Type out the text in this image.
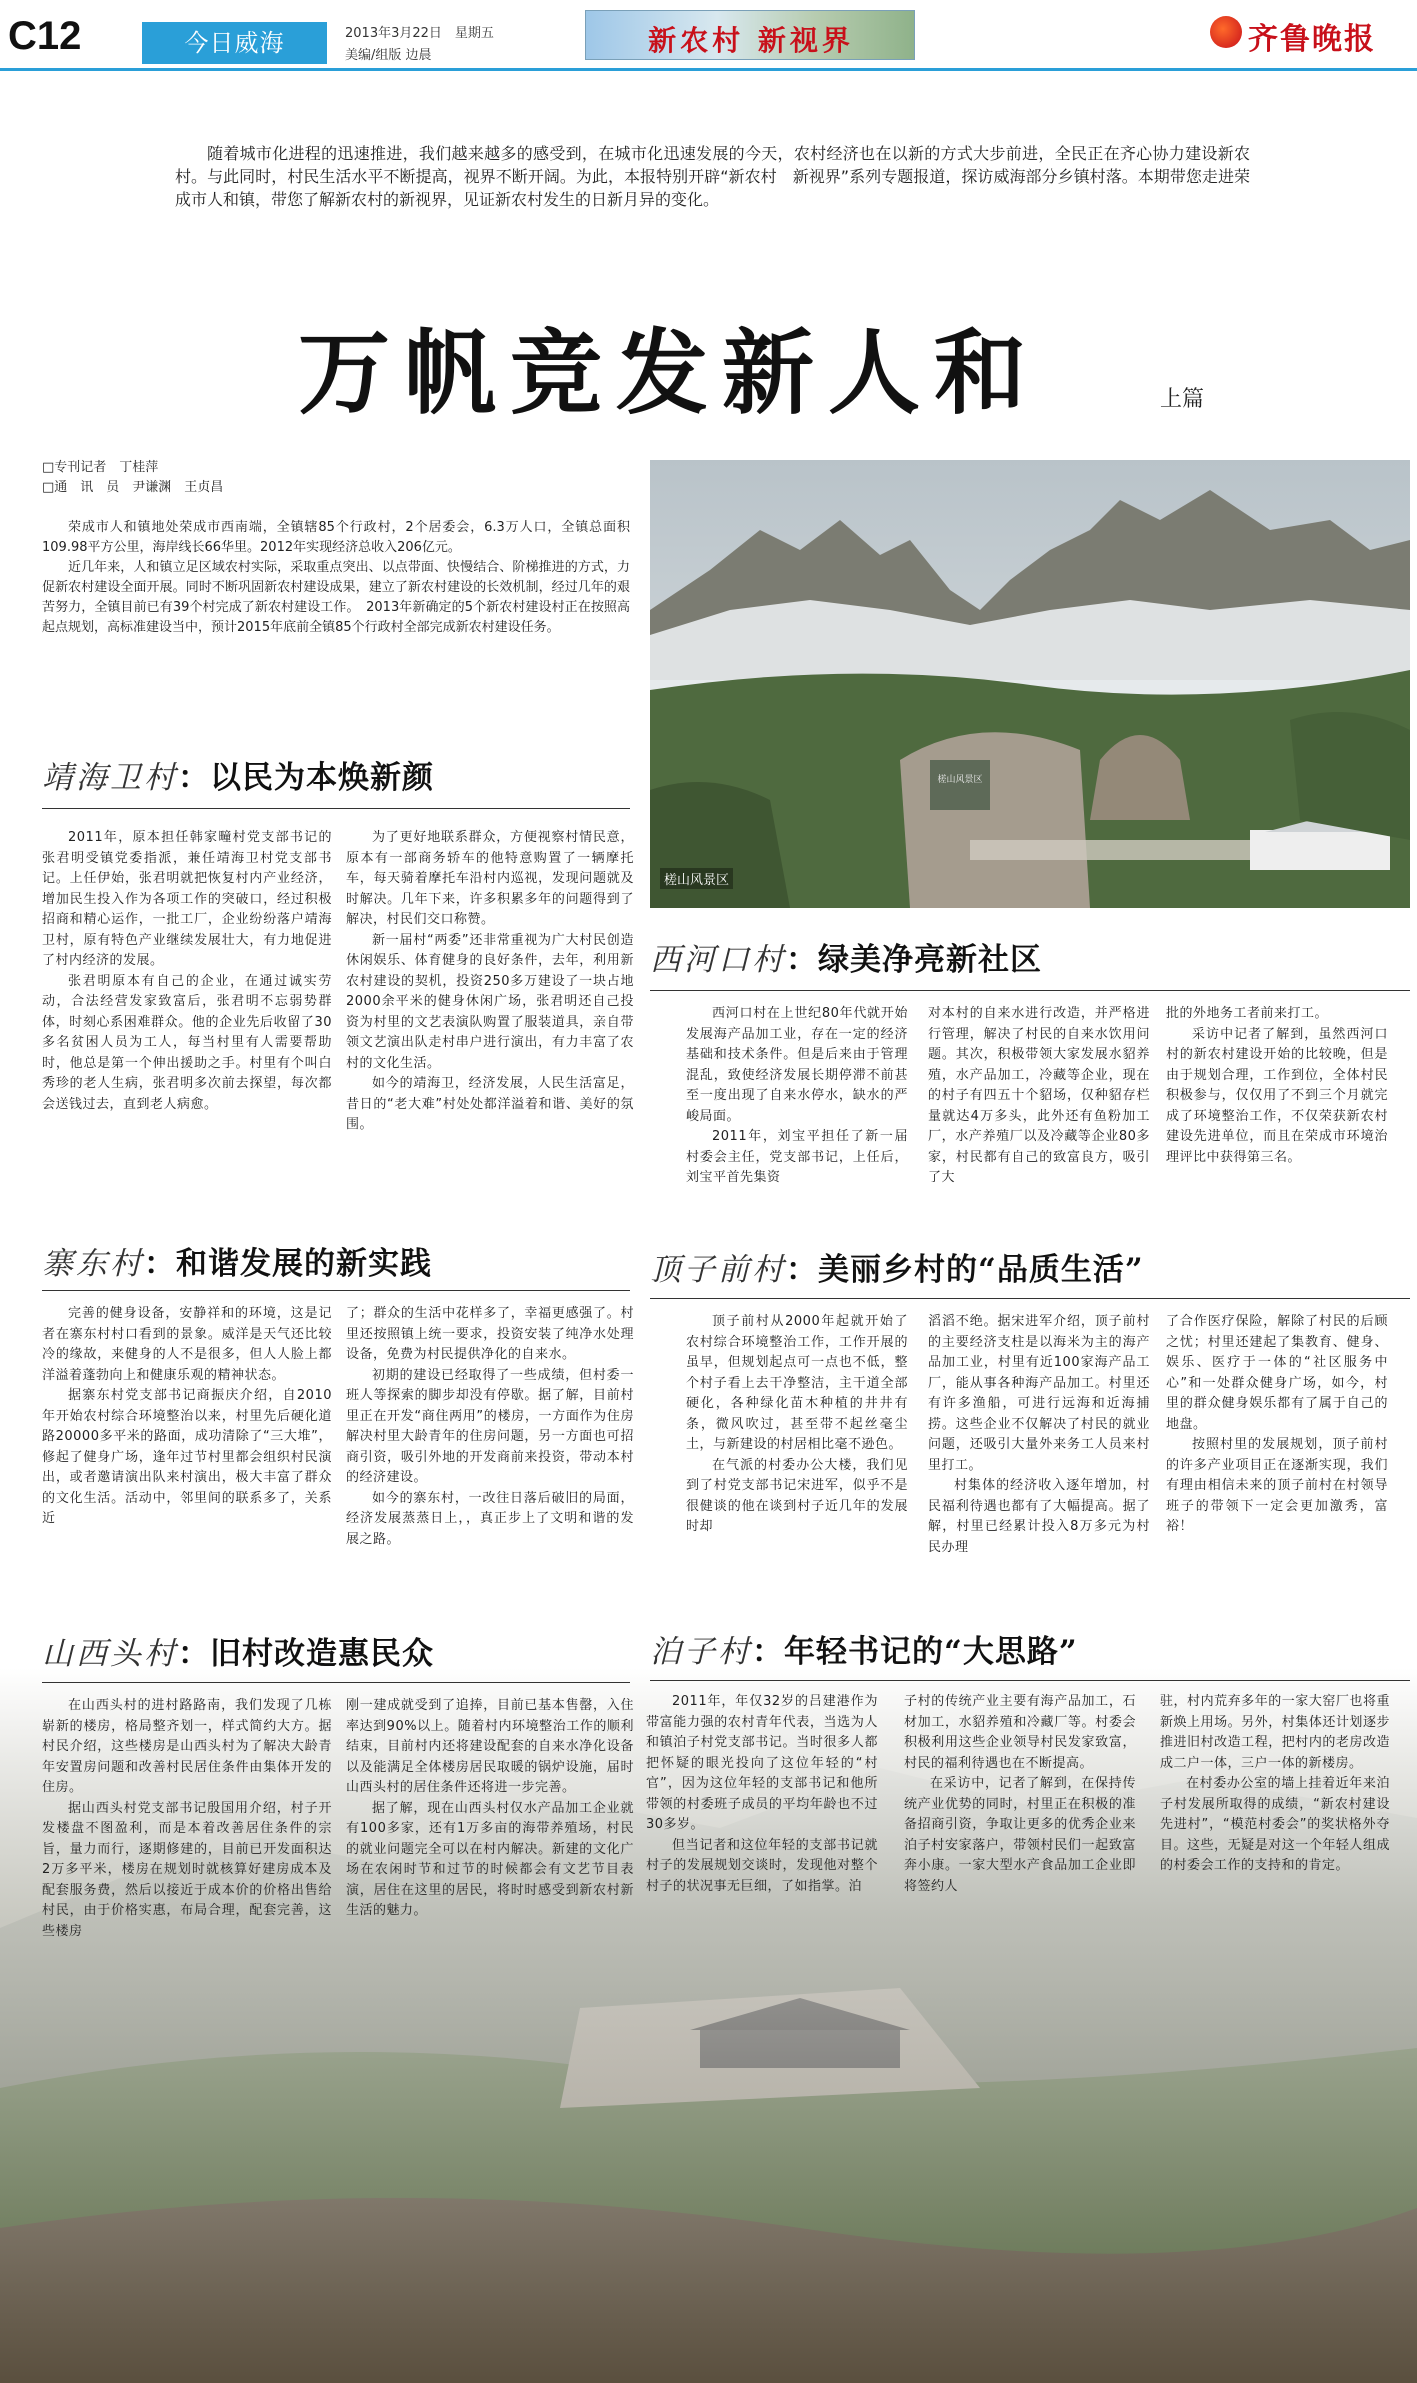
C12	今日威海	2013年3月22日　星期五
美编/组版 边晨	新农村 新视界	齐鲁晚报

随着城市化进程的迅速推进，我们越来越多的感受到，在城市化迅速发展的今天，农村经济也在以新的方式大步前进，全民正在齐心协力建设新农村。与此同时，村民生活水平不断提高，视界不断开阔。为此，本报特别开辟“新农村　新视界”系列专题报道，探访威海部分乡镇村落。本期带您走进荣成市人和镇，带您了解新农村的新视界，见证新农村发生的日新月异的变化。

万帆竞发新人和	上篇
□专刊记者　丁桂萍
□通　讯　员　尹谦渊　王贞昌

荣成市人和镇地处荣成市西南端，全镇辖85个行政村，2个居委会，6.3万人口，全镇总面积109.98平方公里，海岸线长66华里。2012年实现经济总收入206亿元。

近几年来，人和镇立足区域农村实际，采取重点突出、以点带面、快慢结合、阶梯推进的方式，力促新农村建设全面开展。同时不断巩固新农村建设成果，建立了新农村建设的长效机制，经过几年的艰苦努力，全镇目前已有39个村完成了新农村建设工作。　2013年新确定的5个新农村建设村正在按照高起点规划，高标准建设当中，预计2015年底前全镇85个行政村全部完成新农村建设任务。

槎山风景区
槎山风景区
靖海卫村：以民为本焕新颜

2011年，原本担任韩家疃村党支部书记的张君明受镇党委指派，兼任靖海卫村党支部书记。上任伊始，张君明就把恢复村内产业经济，增加民生投入作为各项工作的突破口，经过积极招商和精心运作，一批工厂，企业纷纷落户靖海卫村，原有特色产业继续发展壮大，有力地促进了村内经济的发展。

张君明原本有自己的企业，在通过诚实劳动，合法经营发家致富后，张君明不忘弱势群体，时刻心系困难群众。他的企业先后收留了30多名贫困人员为工人，每当村里有人需要帮助时，他总是第一个伸出援助之手。村里有个叫白秀珍的老人生病，张君明多次前去探望，每次都会送钱过去，直到老人病愈。

为了更好地联系群众，方便视察村情民意，原本有一部商务轿车的他特意购置了一辆摩托车，每天骑着摩托车沿村内巡视，发现问题就及时解决。几年下来，许多积累多年的问题得到了解决，村民们交口称赞。

新一届村“两委”还非常重视为广大村民创造休闲娱乐、体育健身的良好条件，去年，利用新农村建设的契机，投资250多万建设了一块占地2000余平米的健身休闲广场，张君明还自己投资为村里的文艺表演队购置了服装道具，亲自带领文艺演出队走村串户进行演出，有力丰富了农村的文化生活。

如今的靖海卫，经济发展，人民生活富足，昔日的“老大难”村处处都洋溢着和谐、美好的氛围。

寨东村：和谐发展的新实践

完善的健身设备，安静祥和的环境，这是记者在寨东村村口看到的景象。威洋是天气还比较冷的缘故，来健身的人不是很多，但人人脸上都洋溢着蓬勃向上和健康乐观的精神状态。

据寨东村党支部书记商振庆介绍，自2010年开始农村综合环境整治以来，村里先后硬化道路20000多平米的路面，成功清除了“三大堆”，修起了健身广场，逢年过节村里都会组织村民演出，或者邀请演出队来村演出，极大丰富了群众的文化生活。活动中，邻里间的联系多了，关系近

了；群众的生活中花样多了，幸福更感强了。村里还按照镇上统一要求，投资安装了纯净水处理设备，免费为村民提供净化的自来水。

初期的建设已经取得了一些成绩，但村委一班人等探索的脚步却没有停歇。据了解，目前村里正在开发“商住两用”的楼房，一方面作为住房解决村里大龄青年的住房问题，另一方面也可招商引资，吸引外地的开发商前来投资，带动本村的经济建设。

如今的寨东村，一改往日落后破旧的局面，经济发展蒸蒸日上，，真正步上了文明和谐的发展之路。

山西头村：旧村改造惠民众

在山西头村的进村路路南，我们发现了几栋崭新的楼房，格局整齐划一，样式简约大方。据村民介绍，这些楼房是山西头村为了解决大龄青年安置房问题和改善村民居住条件由集体开发的住房。

据山西头村党支部书记殷国用介绍，村子开发楼盘不图盈利，而是本着改善居住条件的宗旨，量力而行，逐期修建的，目前已开发面积达2万多平米，楼房在规划时就核算好建房成本及配套服务费，然后以接近于成本价的价格出售给村民，由于价格实惠，布局合理，配套完善，这些楼房

刚一建成就受到了追捧，目前已基本售罄，入住率达到90%以上。随着村内环境整治工作的顺利结束，目前村内还将建设配套的自来水净化设备以及能满足全体楼房居民取暖的锅炉设施，届时山西头村的居住条件还将进一步完善。

据了解，现在山西头村仅水产品加工企业就有100多家，还有1万多亩的海带养殖场，村民的就业问题完全可以在村内解决。新建的文化广场在农闲时节和过节的时候都会有文艺节目表演，居住在这里的居民，将时时感受到新农村新生活的魅力。

西河口村：绿美净亮新社区

西河口村在上世纪80年代就开始发展海产品加工业，存在一定的经济基础和技术条件。但是后来由于管理混乱，致使经济发展长期停滞不前甚至一度出现了自来水停水，缺水的严峻局面。

2011年，刘宝平担任了新一届村委会主任，党支部书记，上任后，刘宝平首先集资

对本村的自来水进行改造，并严格进行管理，解决了村民的自来水饮用问题。其次，积极带领大家发展水貂养殖，水产品加工，冷藏等企业，现在的村子有四五十个貂场，仅种貂存栏量就达4万多头，此外还有鱼粉加工厂，水产养殖厂以及冷藏等企业80多家，村民都有自己的致富良方，吸引了大

批的外地务工者前来打工。

采访中记者了解到，虽然西河口村的新农村建设开始的比较晚，但是由于规划合理，工作到位，全体村民积极参与，仅仅用了不到三个月就完成了环境整治工作，不仅荣获新农村建设先进单位，而且在荣成市环境治理评比中获得第三名。

顶子前村：美丽乡村的“品质生活”

顶子前村从2000年起就开始了农村综合环境整治工作，工作开展的虽早，但规划起点可一点也不低，整个村子看上去干净整洁，主干道全部硬化，各种绿化苗木种植的井井有条，微风吹过，甚至带不起丝毫尘土，与新建设的村居相比毫不逊色。

在气派的村委办公大楼，我们见到了村党支部书记宋进军，似乎不是很健谈的他在谈到村子近几年的发展时却

滔滔不绝。据宋进军介绍，顶子前村的主要经济支柱是以海米为主的海产品加工业，村里有近100家海产品工厂，能从事各种海产品加工。村里还有许多渔船，可进行远海和近海捕捞。这些企业不仅解决了村民的就业问题，还吸引大量外来务工人员来村里打工。

村集体的经济收入逐年增加，村民福利待遇也都有了大幅提高。据了解，村里已经累计投入8万多元为村民办理

了合作医疗保险，解除了村民的后顾之忧；村里还建起了集教育、健身、娱乐、医疗于一体的“社区服务中心”和一处群众健身广场，如今，村里的群众健身娱乐都有了属于自己的地盘。

按照村里的发展规划，顶子前村的许多产业项目正在逐渐实现，我们有理由相信未来的顶子前村在村领导班子的带领下一定会更加激秀，富裕！

泊子村：年轻书记的“大思路”

2011年，年仅32岁的吕建港作为带富能力强的农村青年代表，当选为人和镇泊子村党支部书记。当时很多人都把怀疑的眼光投向了这位年轻的“村官”，因为这位年轻的支部书记和他所带领的村委班子成员的平均年龄也不过30多岁。

但当记者和这位年轻的支部书记就村子的发展规划交谈时，发现他对整个村子的状况事无巨细，了如指掌。泊

子村的传统产业主要有海产品加工，石材加工，水貂养殖和冷藏厂等。村委会积极利用这些企业领导村民发家致富，村民的福利待遇也在不断提高。

在采访中，记者了解到，在保持传统产业优势的同时，村里正在积极的准备招商引资，争取让更多的优秀企业来泊子村安家落户，带领村民们一起致富奔小康。一家大型水产食品加工企业即将签约人

驻，村内荒弃多年的一家大窑厂也将重新焕上用场。另外，村集体还计划逐步推进旧村改造工程，把村内的老房改造成二户一体，三户一体的新楼房。

在村委办公室的墙上挂着近年来泊子村发展所取得的成绩，“新农村建设先进村”，“模范村委会”的奖状格外夺目。这些，无疑是对这一个年轻人组成的村委会工作的支持和的肯定。
